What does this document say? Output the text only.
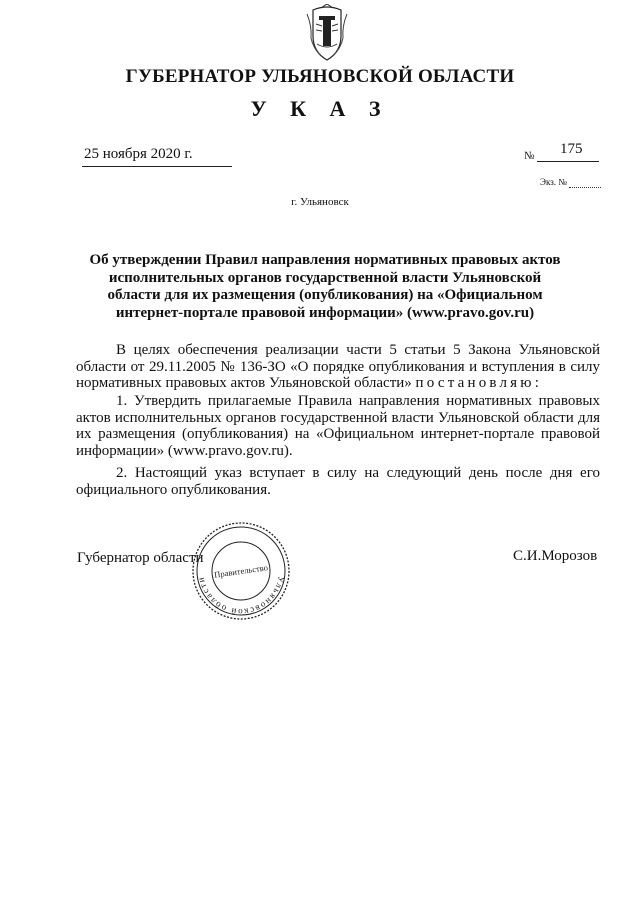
ГУБЕРНАТОР УЛЬЯНОВСКОЙ ОБЛАСТИ
У К А З
25 ноября 2020 г.	№ 175
Экз. №
г. Ульяновск
Об утверждении Правил направления нормативных правовых актов исполнительных органов государственной власти Ульяновской области для их размещения (опубликования) на «Официальном интернет-портале правовой информации» (www.pravo.gov.ru)
В целях обеспечения реализации части 5 статьи 5 Закона Ульяновской области от 29.11.2005 № 136-ЗО «О порядке опубликования и вступления в силу нормативных правовых актов Ульяновской области» постановляю:
1. Утвердить прилагаемые Правила направления нормативных правовых актов исполнительных органов государственной власти Ульяновской области для их размещения (опубликования) на «Официальном интернет-портале правовой информации» (www.pravo.gov.ru).
2. Настоящий указ вступает в силу на следующий день после дня его официального опубликования.
Губернатор области	С.И.Морозов
Ульяновской области Правительство
